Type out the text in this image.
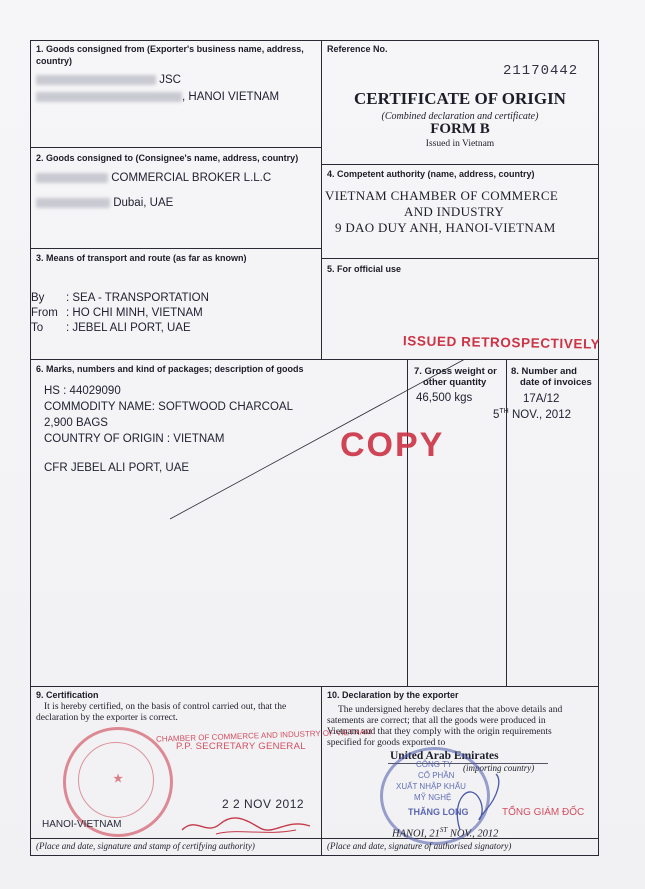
1. Goods consigned from (Exporter's business name, address,
country)
JSC
, HANOI VIETNAM
Reference No.
21170442
CERTIFICATE OF ORIGIN
(Combined declaration and certificate)
FORM B
Issued in Vietnam
2. Goods consigned to (Consignee's name, address, country)
COMMERCIAL BROKER L.L.C
Dubai, UAE
4. Competent authority (name, address, country)
VIETNAM CHAMBER OF COMMERCE
AND INDUSTRY
9 DAO DUY ANH, HANOI-VIETNAM
3. Means of transport and route (as far as known)
By : SEA - TRANSPORTATION
From : HO CHI MINH, VIETNAM
To : JEBEL ALI PORT, UAE
5. For official use
ISSUED RETROSPECTIVELY
6. Marks, numbers and kind of packages; description of goods
HS : 44029090
COMMODITY NAME: SOFTWOOD CHARCOAL
2,900 BAGS
COUNTRY OF ORIGIN : VIETNAM
CFR JEBEL ALI PORT, UAE
COPY
7. Gross weight or
other quantity
46,500 kgs
8. Number and
date of invoices
17A/12
5TH NOV., 2012
9. Certification
It is hereby certified, on the basis of control carried out, that the
declaration by the exporter is correct.
★
CHAMBER OF COMMERCE AND INDUSTRY OF VIETNAM
P.P. SECRETARY GENERAL
2 2 NOV 2012
HANOI-VIETNAM
(Place and date, signature and stamp of certifying authority)
10. Declaration by the exporter
The undersigned hereby declares that the above details and
satements are correct; that all the goods were produced in
Vietnam and that they comply with the origin requirements
specified for goods exported to
United Arab Emirates
(importing country)
CÔNG TY
CỔ PHẦN
XUẤT NHẬP KHẨU
MỸ NGHỆ
THĂNG LONG	TỔNG GIÁM ĐỐC
HANOI, 21ST NOV., 2012
(Place and date, signature of authorised signatory)
